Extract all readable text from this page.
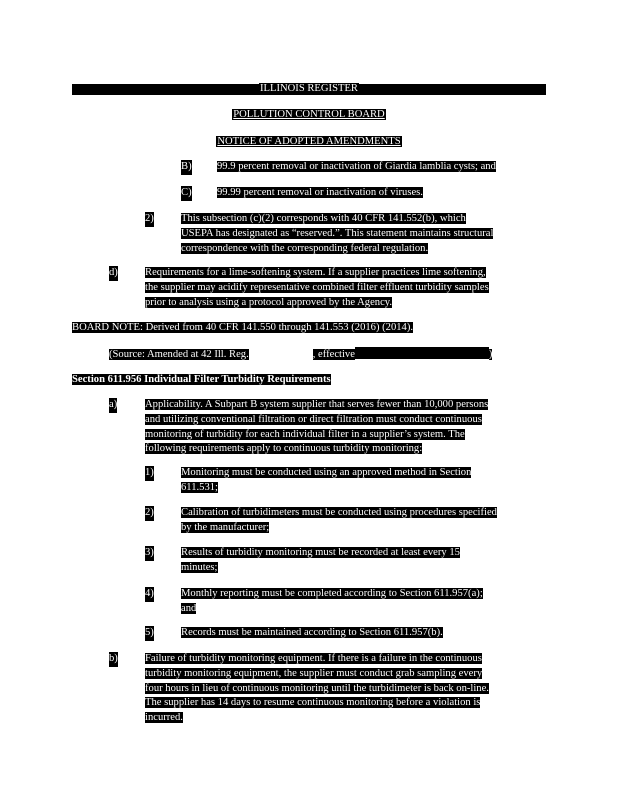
ILLINOIS REGISTER
POLLUTION CONTROL BOARD
NOTICE OF ADOPTED AMENDMENTS
B) 99.9 percent removal or inactivation of Giardia lamblia cysts; and
C) 99.99 percent removal or inactivation of viruses.
2)	This subsection (c)(2) corresponds with 40 CFR 141.552(b), which
USEPA has designated as “reserved.”. This statement maintains structural
correspondence with the corresponding federal regulation.
d)	Requirements for a lime-softening system. If a supplier practices lime softening,
the supplier may acidify representative combined filter effluent turbidity samples
prior to analysis using a protocol approved by the Agency.
BOARD NOTE: Derived from 40 CFR 141.550 through 141.553 (2016) (2014).
(Source: Amended at 42 Ill. Reg.	, effective	)
Section 611.956 Individual Filter Turbidity Requirements
a)	Applicability. A Subpart B system supplier that serves fewer than 10,000 persons
and utilizing conventional filtration or direct filtration must conduct continuous
monitoring of turbidity for each individual filter in a supplier’s system. The
following requirements apply to continuous turbidity monitoring:
1)	Monitoring must be conducted using an approved method in Section
611.531;
2)	Calibration of turbidimeters must be conducted using procedures specified
by the manufacturer;
3)	Results of turbidity monitoring must be recorded at least every 15
minutes;
4)	Monthly reporting must be completed according to Section 611.957(a);
and
5)	Records must be maintained according to Section 611.957(b).
b)	Failure of turbidity monitoring equipment. If there is a failure in the continuous
turbidity monitoring equipment, the supplier must conduct grab sampling every
four hours in lieu of continuous monitoring until the turbidimeter is back on-line.
The supplier has 14 days to resume continuous monitoring before a violation is
incurred.
